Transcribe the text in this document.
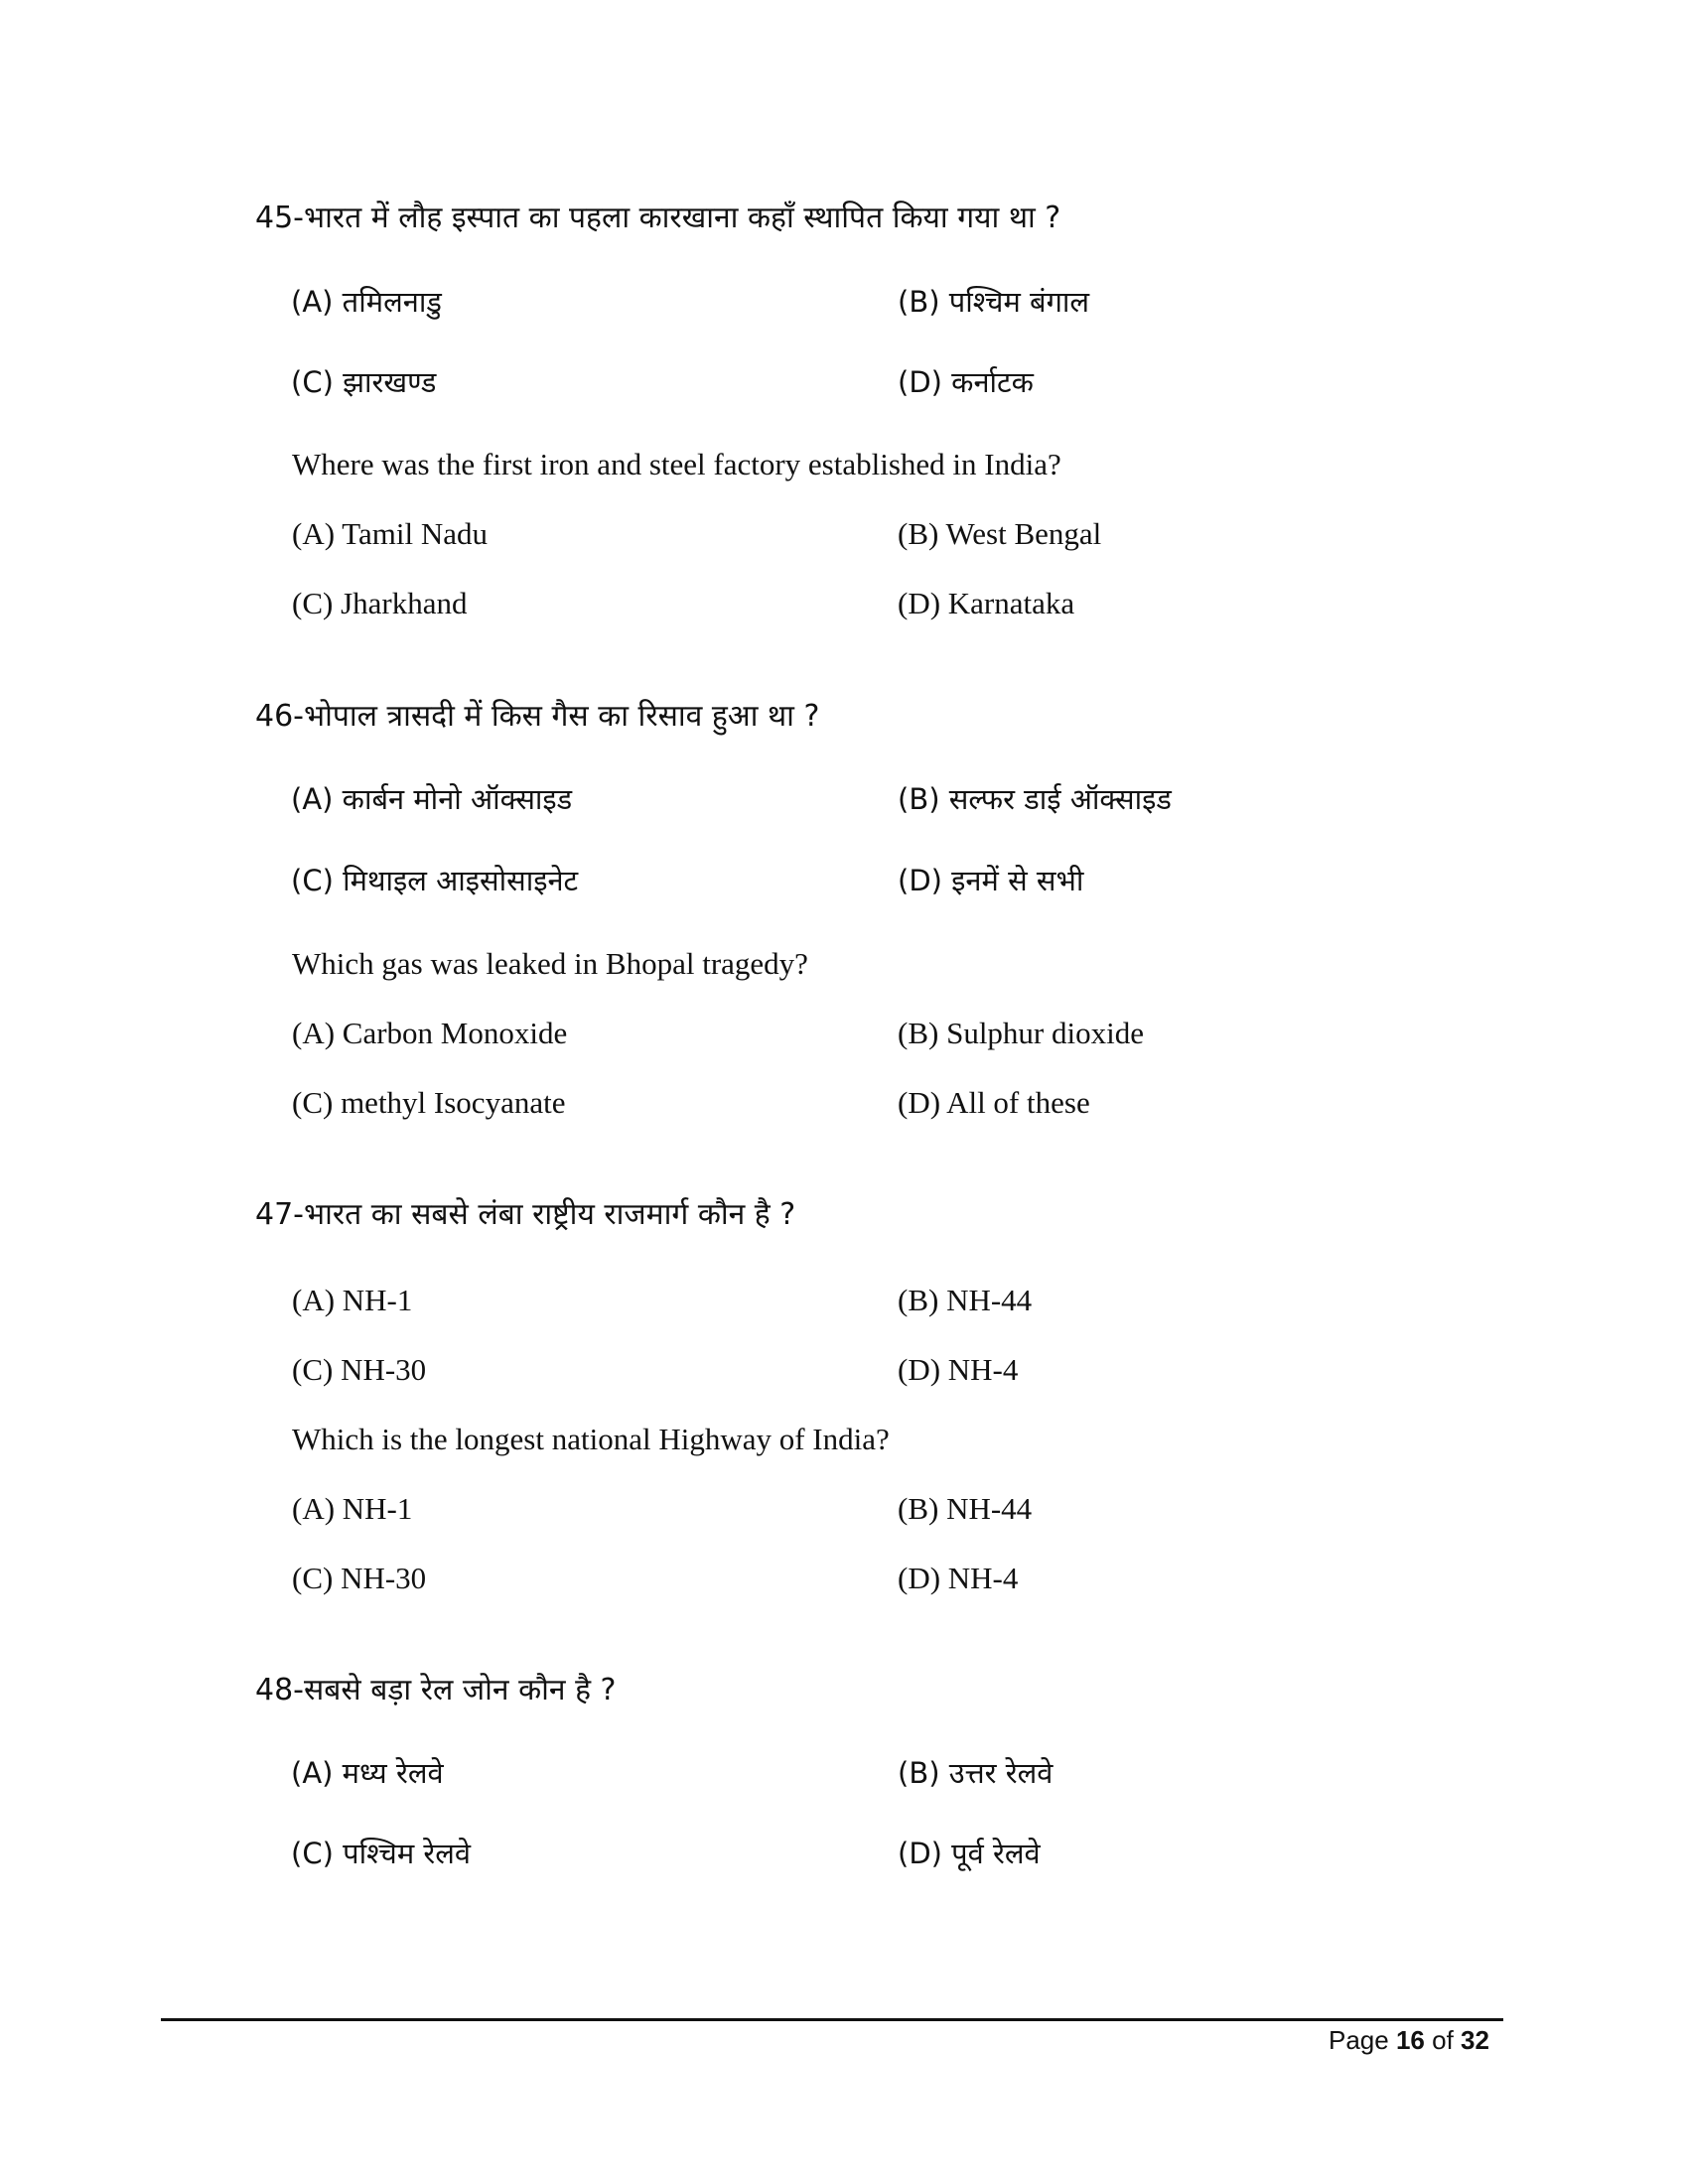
45-भारत में लौह इस्पात का पहला कारखाना कहाँ स्थापित किया गया था ?
(A) तमिलनाडु	(B) पश्चिम बंगाल
(C) झारखण्ड	(D) कर्नाटक
Where was the first iron and steel factory established in India?
(A) Tamil Nadu	(B) West Bengal
(C) Jharkhand	(D) Karnataka
46-भोपाल त्रासदी में किस गैस का रिसाव हुआ था ?
(A) कार्बन मोनो ऑक्साइड	(B) सल्फर डाई ऑक्साइड
(C) मिथाइल आइसोसाइनेट	(D) इनमें से सभी
Which gas was leaked in Bhopal tragedy?
(A) Carbon Monoxide	(B) Sulphur dioxide
(C) methyl Isocyanate	(D) All of these
47-भारत का सबसे लंबा राष्ट्रीय राजमार्ग कौन है ?
(A) NH-1	(B) NH-44
(C) NH-30	(D) NH-4
Which is the longest national Highway of India?
(A) NH-1	(B) NH-44
(C) NH-30	(D) NH-4
48-सबसे बड़ा रेल जोन कौन है ?
(A) मध्य रेलवे	(B) उत्तर रेलवे
(C) पश्चिम रेलवे	(D) पूर्व रेलवे
Page 16 of 32
